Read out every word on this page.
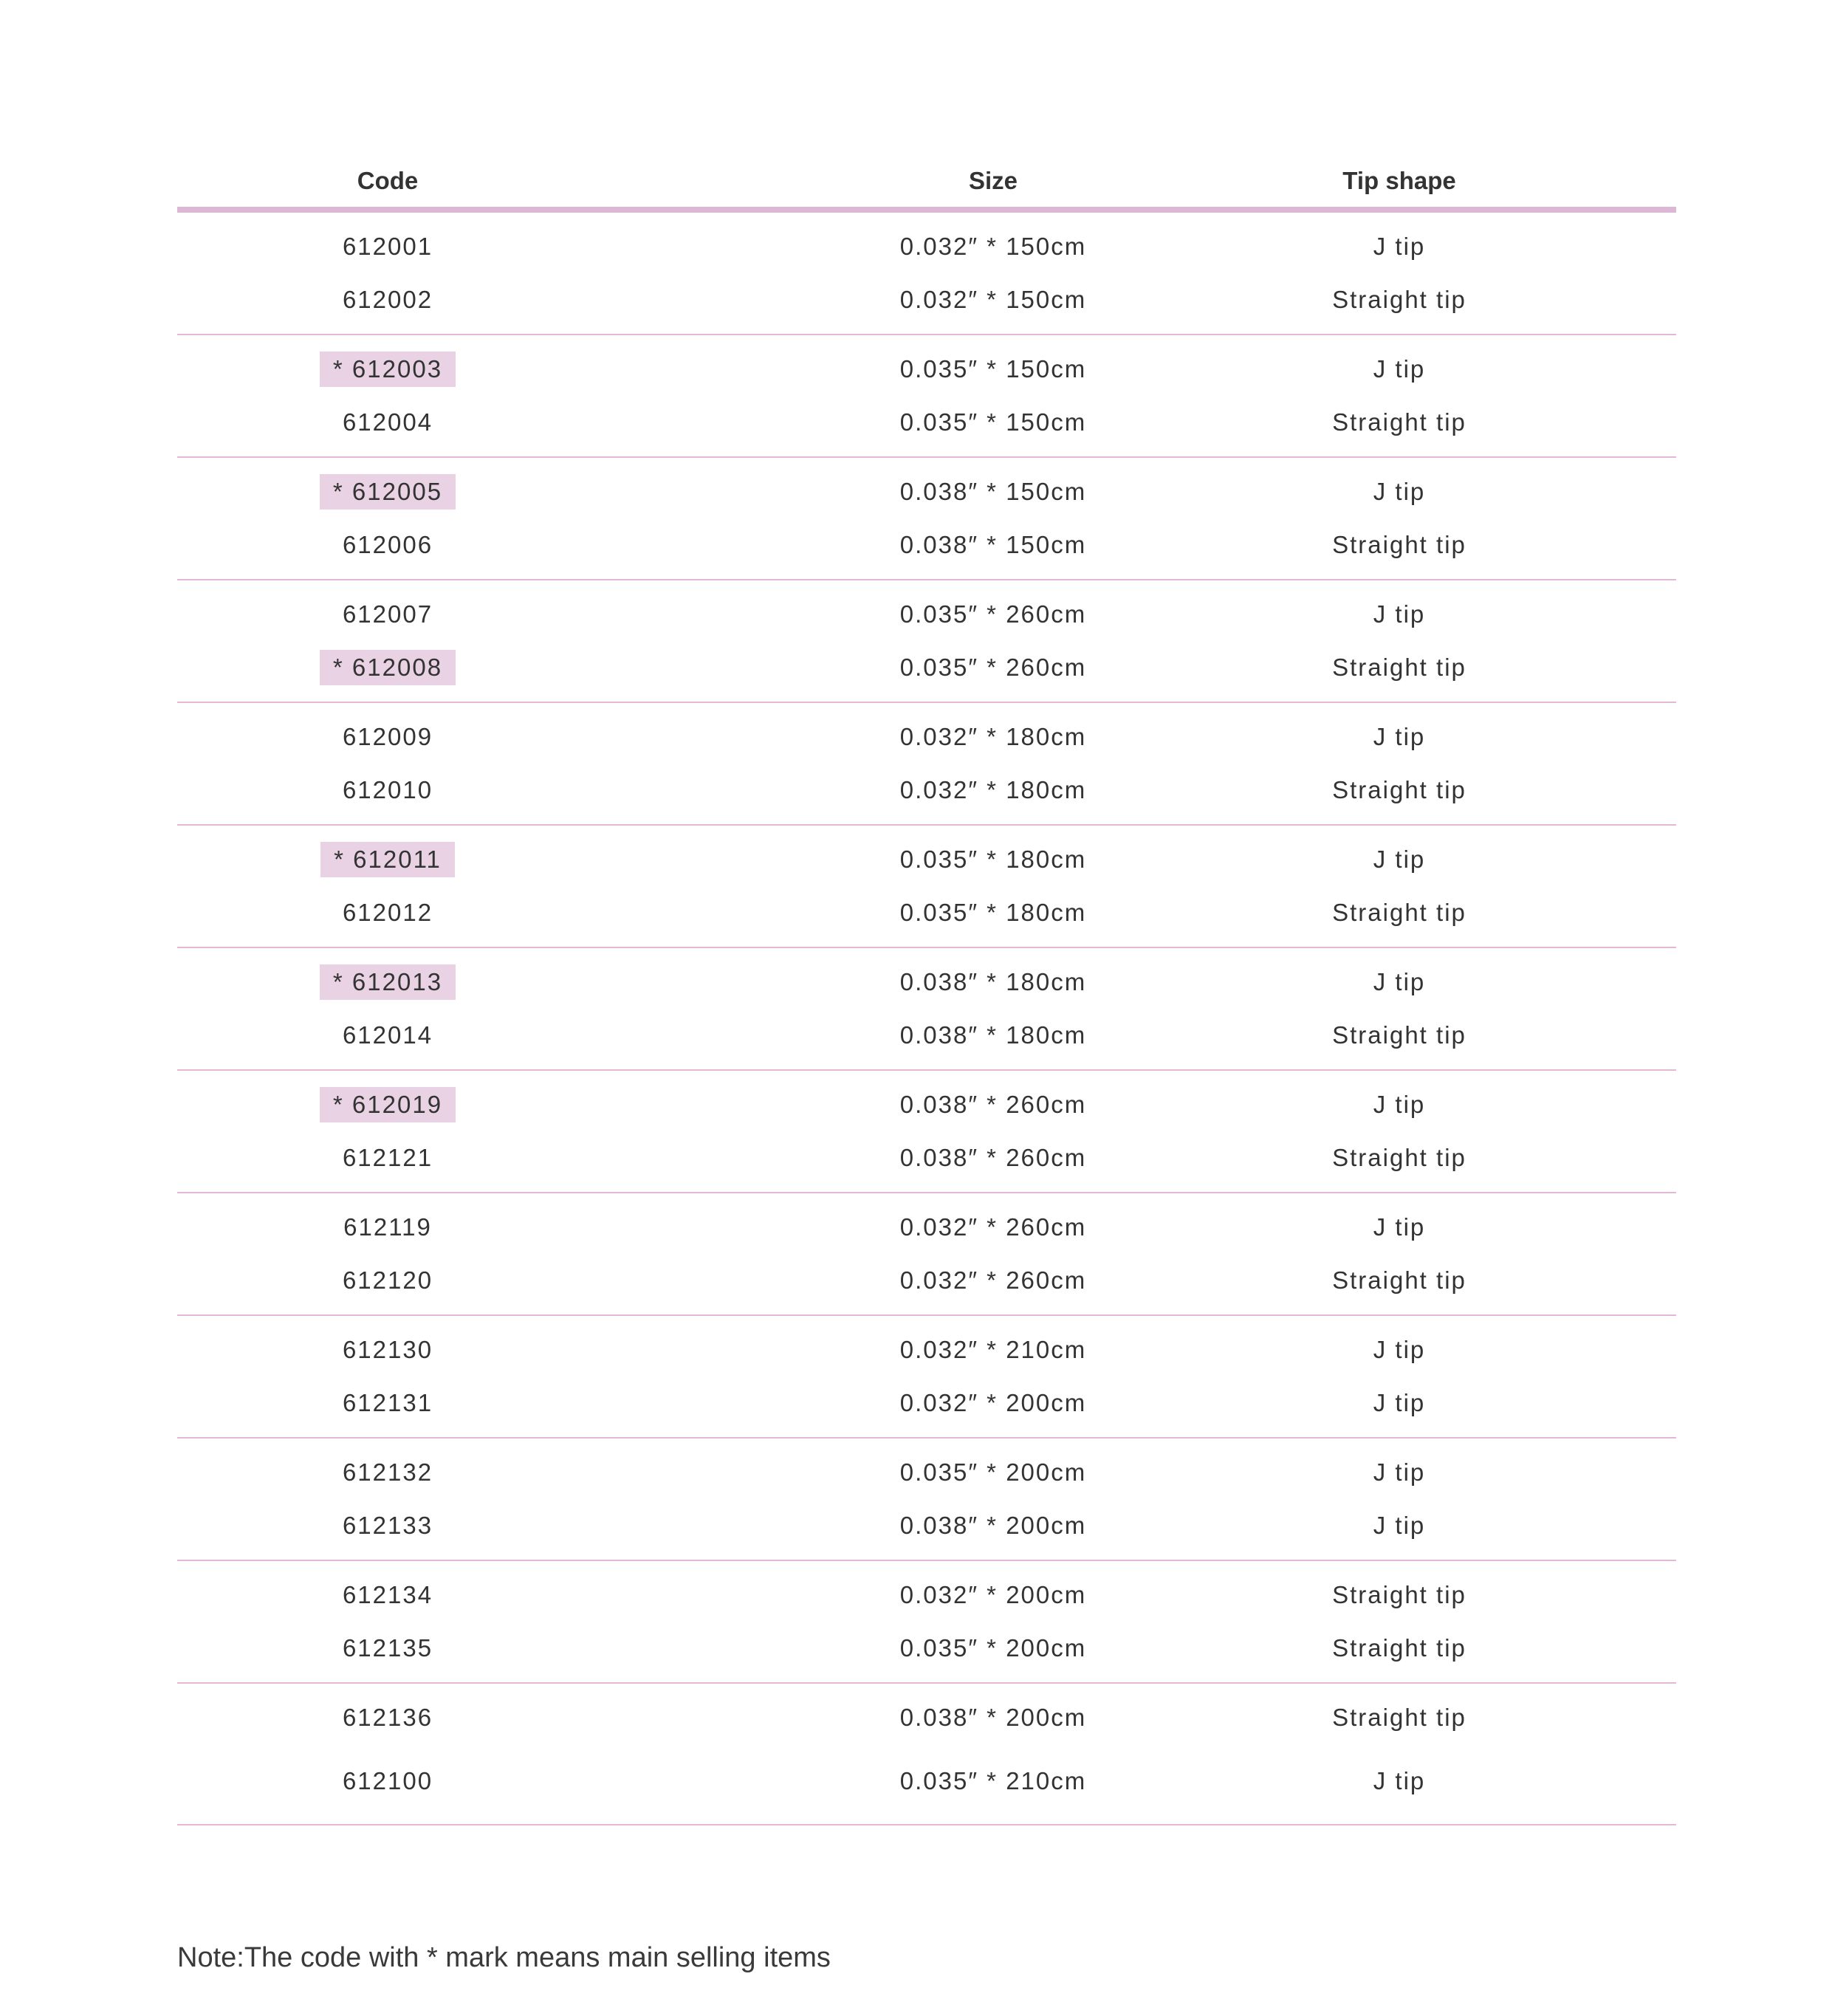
Code	Size	Tip shape
612001	0.032″ * 150cm	J tip
612002	0.032″ * 150cm	Straight tip
* 612003	0.035″ * 150cm	J tip
612004	0.035″ * 150cm	Straight tip
* 612005	0.038″ * 150cm	J tip
612006	0.038″ * 150cm	Straight tip
612007	0.035″ * 260cm	J tip
* 612008	0.035″ * 260cm	Straight tip
612009	0.032″ * 180cm	J tip
612010	0.032″ * 180cm	Straight tip
* 612011	0.035″ * 180cm	J tip
612012	0.035″ * 180cm	Straight tip
* 612013	0.038″ * 180cm	J tip
612014	0.038″ * 180cm	Straight tip
* 612019	0.038″ * 260cm	J tip
612121	0.038″ * 260cm	Straight tip
612119	0.032″ * 260cm	J tip
612120	0.032″ * 260cm	Straight tip
612130	0.032″ * 210cm	J tip
612131	0.032″ * 200cm	J tip
612132	0.035″ * 200cm	J tip
612133	0.038″ * 200cm	J tip
612134	0.032″ * 200cm	Straight tip
612135	0.035″ * 200cm	Straight tip
612136	0.038″ * 200cm	Straight tip
612100	0.035″ * 210cm	J tip
Note:The code with * mark means main selling items
